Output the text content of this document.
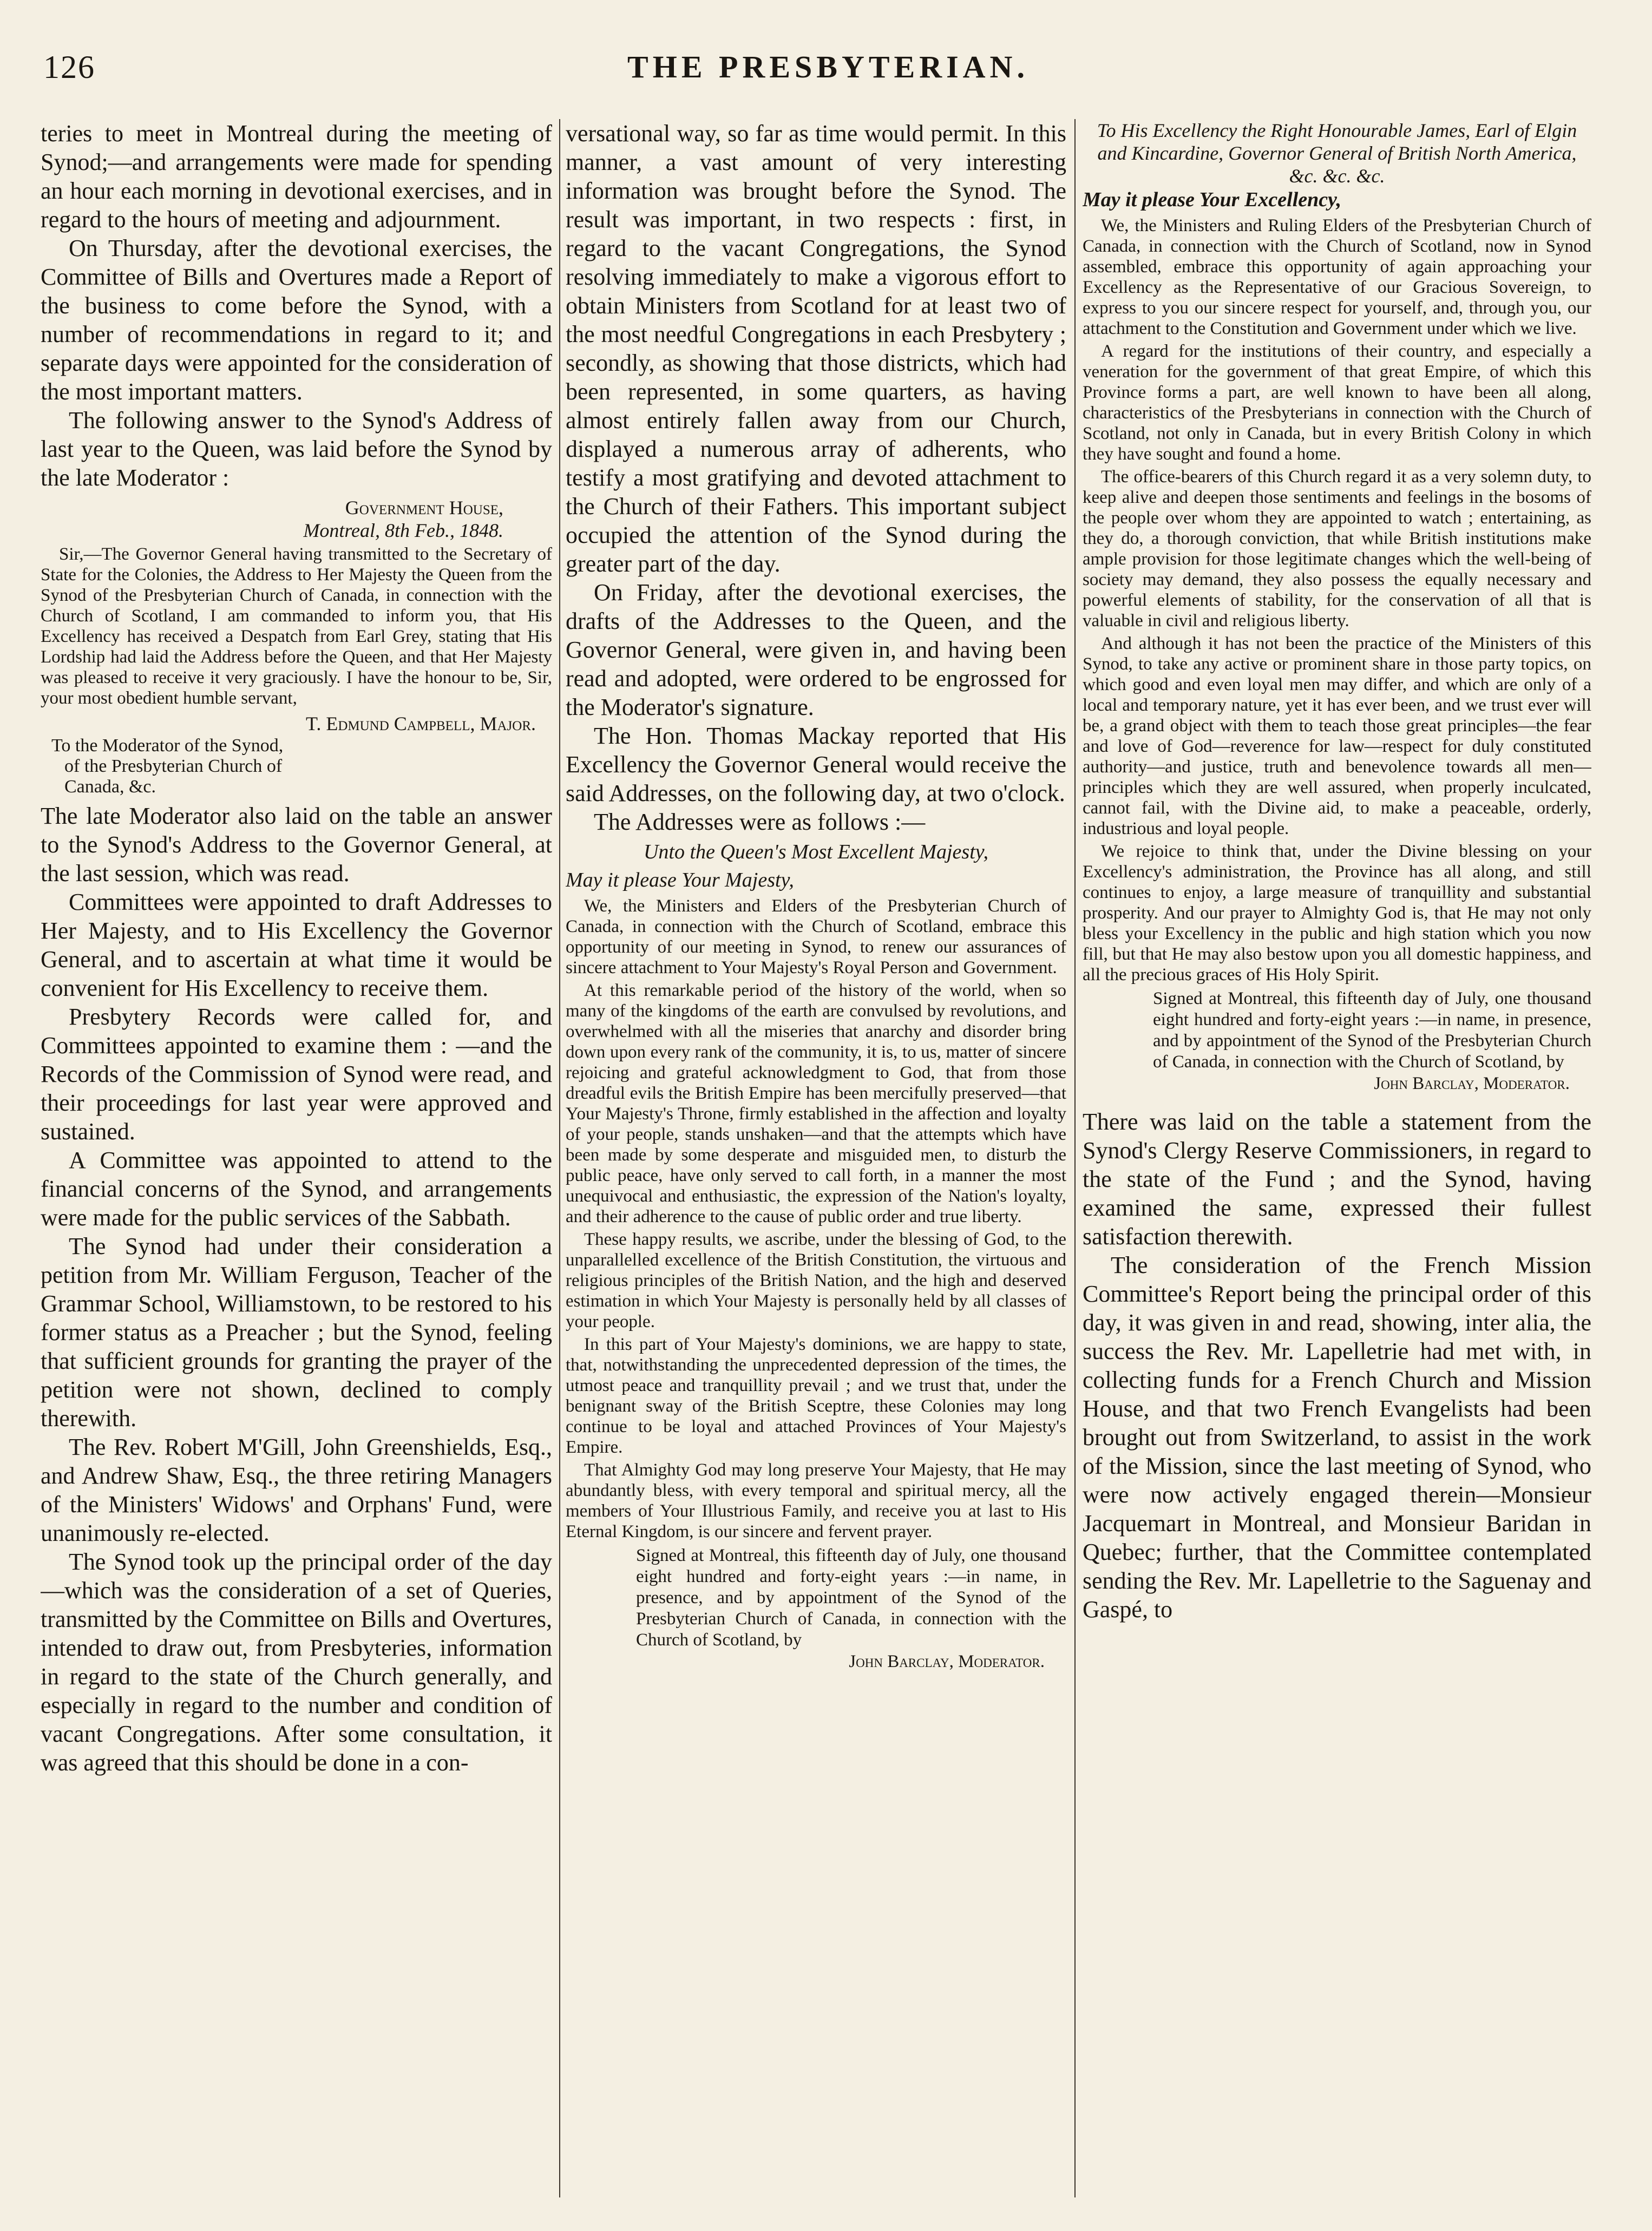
126	THE PRESBYTERIAN.

teries to meet in Montreal during the meeting of Synod;—and arrangements were made for spending an hour each morning in devotional exercises, and in regard to the hours of meeting and adjournment.

On Thursday, after the devotional exercises, the Committee of Bills and Overtures made a Report of the business to come before the Synod, with a number of recommendations in regard to it; and separate days were appointed for the consideration of the most important matters.

The following answer to the Synod's Address of last year to the Queen, was laid before the Synod by the late Moderator :

Government House,
Montreal, 8th Feb., 1848.

Sir,—The Governor General having transmitted to the Secretary of State for the Colonies, the Address to Her Majesty the Queen from the Synod of the Presbyterian Church of Canada, in connection with the Church of Scotland, I am commanded to inform you, that His Excellency has received a Despatch from Earl Grey, stating that His Lordship had laid the Address before the Queen, and that Her Majesty was pleased to receive it very graciously. I have the honour to be, Sir, your most obedient humble servant,

T. Edmund Campbell, Major.
To the Moderator of the Synod,
of the Presbyterian Church of
Canada, &c.

The late Moderator also laid on the table an answer to the Synod's Address to the Governor General, at the last session, which was read.

Committees were appointed to draft Addresses to Her Majesty, and to His Excellency the Governor General, and to ascertain at what time it would be convenient for His Excellency to receive them.

Presbytery Records were called for, and Committees appointed to examine them : —and the Records of the Commission of Synod were read, and their proceedings for last year were approved and sustained.

A Committee was appointed to attend to the financial concerns of the Synod, and arrangements were made for the public services of the Sabbath.

The Synod had under their consideration a petition from Mr. William Ferguson, Teacher of the Grammar School, Williamstown, to be restored to his former status as a Preacher ; but the Synod, feeling that sufficient grounds for granting the prayer of the petition were not shown, declined to comply therewith.

The Rev. Robert M'Gill, John Greenshields, Esq., and Andrew Shaw, Esq., the three retiring Managers of the Ministers' Widows' and Orphans' Fund, were unanimously re-elected.

The Synod took up the principal order of the day—which was the consideration of a set of Queries, transmitted by the Committee on Bills and Overtures, intended to draw out, from Presbyteries, information in regard to the state of the Church generally, and especially in regard to the number and condition of vacant Congregations. After some consultation, it was agreed that this should be done in a con-

versational way, so far as time would permit. In this manner, a vast amount of very interesting information was brought before the Synod. The result was important, in two respects : first, in regard to the vacant Congregations, the Synod resolving immediately to make a vigorous effort to obtain Ministers from Scotland for at least two of the most needful Congregations in each Presbytery ; secondly, as showing that those districts, which had been represented, in some quarters, as having almost entirely fallen away from our Church, displayed a numerous array of adherents, who testify a most gratifying and devoted attachment to the Church of their Fathers. This important subject occupied the attention of the Synod during the greater part of the day.

On Friday, after the devotional exercises, the drafts of the Addresses to the Queen, and the Governor General, were given in, and having been read and adopted, were ordered to be engrossed for the Moderator's signature.

The Hon. Thomas Mackay reported that His Excellency the Governor General would receive the said Addresses, on the following day, at two o'clock.

The Addresses were as follows :—

Unto the Queen's Most Excellent Majesty,
May it please Your Majesty,

We, the Ministers and Elders of the Presbyterian Church of Canada, in connection with the Church of Scotland, embrace this opportunity of our meeting in Synod, to renew our assurances of sincere attachment to Your Majesty's Royal Person and Government.

At this remarkable period of the history of the world, when so many of the kingdoms of the earth are convulsed by revolutions, and overwhelmed with all the miseries that anarchy and disorder bring down upon every rank of the community, it is, to us, matter of sincere rejoicing and grateful acknowledgment to God, that from those dreadful evils the British Empire has been mercifully preserved—that Your Majesty's Throne, firmly established in the affection and loyalty of your people, stands unshaken—and that the attempts which have been made by some desperate and misguided men, to disturb the public peace, have only served to call forth, in a manner the most unequivocal and enthusiastic, the expression of the Nation's loyalty, and their adherence to the cause of public order and true liberty.

These happy results, we ascribe, under the blessing of God, to the unparallelled excellence of the British Constitution, the virtuous and religious principles of the British Nation, and the high and deserved estimation in which Your Majesty is personally held by all classes of your people.

In this part of Your Majesty's dominions, we are happy to state, that, notwithstanding the unprecedented depression of the times, the utmost peace and tranquillity prevail ; and we trust that, under the benignant sway of the British Sceptre, these Colonies may long continue to be loyal and attached Provinces of Your Majesty's Empire.

That Almighty God may long preserve Your Majesty, that He may abundantly bless, with every temporal and spiritual mercy, all the members of Your Illustrious Family, and receive you at last to His Eternal Kingdom, is our sincere and fervent prayer.

Signed at Montreal, this fifteenth day of July, one thousand eight hundred and forty-eight years :—in name, in presence, and by appointment of the Synod of the Presbyterian Church of Canada, in connection with the Church of Scotland, by
John Barclay, Moderator.
To His Excellency the Right Honourable James, Earl of Elgin and Kincardine, Governor General of British North America, &c. &c. &c.
May it please Your Excellency,

We, the Ministers and Ruling Elders of the Presbyterian Church of Canada, in connection with the Church of Scotland, now in Synod assembled, embrace this opportunity of again approaching your Excellency as the Representative of our Gracious Sovereign, to express to you our sincere respect for yourself, and, through you, our attachment to the Constitution and Government under which we live.

A regard for the institutions of their country, and especially a veneration for the government of that great Empire, of which this Province forms a part, are well known to have been all along, characteristics of the Presbyterians in connection with the Church of Scotland, not only in Canada, but in every British Colony in which they have sought and found a home.

The office-bearers of this Church regard it as a very solemn duty, to keep alive and deepen those sentiments and feelings in the bosoms of the people over whom they are appointed to watch ; entertaining, as they do, a thorough conviction, that while British institutions make ample provision for those legitimate changes which the well-being of society may demand, they also possess the equally necessary and powerful elements of stability, for the conservation of all that is valuable in civil and religious liberty.

And although it has not been the practice of the Ministers of this Synod, to take any active or prominent share in those party topics, on which good and even loyal men may differ, and which are only of a local and temporary nature, yet it has ever been, and we trust ever will be, a grand object with them to teach those great principles—the fear and love of God—reverence for law—respect for duly constituted authority—and justice, truth and benevolence towards all men—principles which they are well assured, when properly inculcated, cannot fail, with the Divine aid, to make a peaceable, orderly, industrious and loyal people.

We rejoice to think that, under the Divine blessing on your Excellency's administration, the Province has all along, and still continues to enjoy, a large measure of tranquillity and substantial prosperity. And our prayer to Almighty God is, that He may not only bless your Excellency in the public and high station which you now fill, but that He may also bestow upon you all domestic happiness, and all the precious graces of His Holy Spirit.

Signed at Montreal, this fifteenth day of July, one thousand eight hundred and forty-eight years :—in name, in presence, and by appointment of the Synod of the Presbyterian Church of Canada, in connection with the Church of Scotland, by
John Barclay, Moderator.

There was laid on the table a statement from the Synod's Clergy Reserve Commissioners, in regard to the state of the Fund ; and the Synod, having examined the same, expressed their fullest satisfaction therewith.

The consideration of the French Mission Committee's Report being the principal order of this day, it was given in and read, showing, inter alia, the success the Rev. Mr. Lapelletrie had met with, in collecting funds for a French Church and Mission House, and that two French Evangelists had been brought out from Switzerland, to assist in the work of the Mission, since the last meeting of Synod, who were now actively engaged therein—Monsieur Jacquemart in Montreal, and Monsieur Baridan in Quebec; further, that the Committee contemplated sending the Rev. Mr. Lapelletrie to the Saguenay and Gaspé, to
